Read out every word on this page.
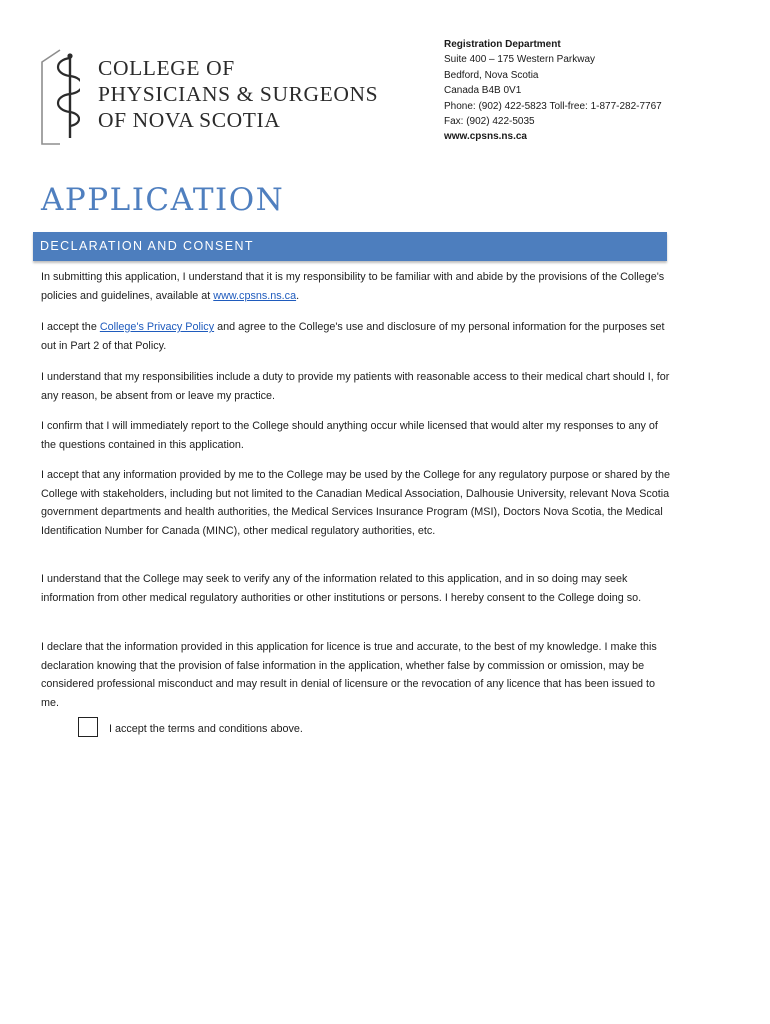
COLLEGE OF
PHYSICIANS & SURGEONS
OF NOVA SCOTIA
Registration Department
Suite 400 – 175 Western Parkway
Bedford, Nova Scotia
Canada B4B 0V1
Phone: (902) 422-5823 Toll-free: 1-877-282-7767
Fax: (902) 422-5035
www.cpsns.ns.ca
APPLICATION
DECLARATION AND CONSENT
In submitting this application, I understand that it is my responsibility to be familiar with and abide by the provisions of the College's policies and guidelines, available at www.cpsns.ns.ca.
I accept the College's Privacy Policy and agree to the College's use and disclosure of my personal information for the purposes set out in Part 2 of that Policy.
I understand that my responsibilities include a duty to provide my patients with reasonable access to their medical chart should I, for any reason, be absent from or leave my practice.
I confirm that I will immediately report to the College should anything occur while licensed that would alter my responses to any of the questions contained in this application.
I accept that any information provided by me to the College may be used by the College for any regulatory purpose or shared by the College with stakeholders, including but not limited to the Canadian Medical Association, Dalhousie University, relevant Nova Scotia government departments and health authorities, the Medical Services Insurance Program (MSI), Doctors Nova Scotia, the Medical Identification Number for Canada (MINC), other medical regulatory authorities, etc.
I understand that the College may seek to verify any of the information related to this application, and in so doing may seek information from other medical regulatory authorities or other institutions or persons. I hereby consent to the College doing so.
I declare that the information provided in this application for licence is true and accurate, to the best of my knowledge. I make this declaration knowing that the provision of false information in the application, whether false by commission or omission, may be considered professional misconduct and may result in denial of licensure or the revocation of any licence that has been issued to me.
I accept the terms and conditions above.
